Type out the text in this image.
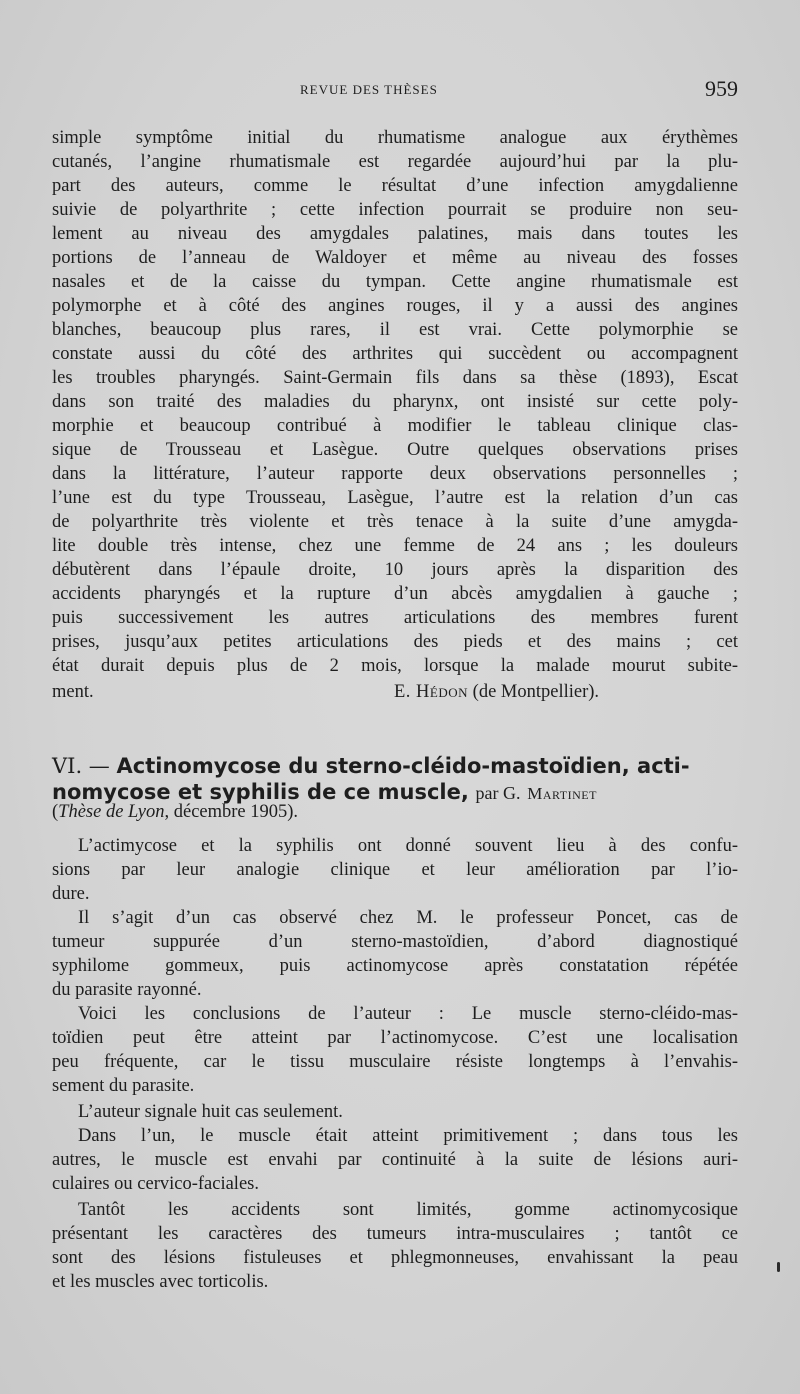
REVUE DES THÈSES	959
simple symptôme initial du rhumatisme analogue aux érythèmes
cutanés, l’angine rhumatismale est regardée aujourd’hui par la plu-
part des auteurs, comme le résultat d’une infection amygdalienne
suivie de polyarthrite ; cette infection pourrait se produire non seu-
lement au niveau des amygdales palatines, mais dans toutes les
portions de l’anneau de Waldoyer et même au niveau des fosses
nasales et de la caisse du tympan. Cette angine rhumatismale est
polymorphe et à côté des angines rouges, il y a aussi des angines
blanches, beaucoup plus rares, il est vrai. Cette polymorphie se
constate aussi du côté des arthrites qui succèdent ou accompagnent
les troubles pharyngés. Saint-Germain fils dans sa thèse (1893), Escat
dans son traité des maladies du pharynx, ont insisté sur cette poly-
morphie et beaucoup contribué à modifier le tableau clinique clas-
sique de Trousseau et Lasègue. Outre quelques observations prises
dans la littérature, l’auteur rapporte deux observations personnelles ;
l’une est du type Trousseau, Lasègue, l’autre est la relation d’un cas
de polyarthrite très violente et très tenace à la suite d’une amygda-
lite double très intense, chez une femme de 24 ans ; les douleurs
débutèrent dans l’épaule droite, 10 jours après la disparition des
accidents pharyngés et la rupture d’un abcès amygdalien à gauche ;
puis successivement les autres articulations des membres furent
prises, jusqu’aux petites articulations des pieds et des mains ; cet
état durait depuis plus de 2 mois, lorsque la malade mourut subite-
ment.	E. Hédon (de Montpellier).
VI. — Actinomycose du sterno-cléido-mastoïdien, acti-
nomycose et syphilis de ce muscle, par G. Martinet
(Thèse de Lyon, décembre 1905).
L’actimycose et la syphilis ont donné souvent lieu à des confu-
sions par leur analogie clinique et leur amélioration par l’io-
dure.
Il s’agit d’un cas observé chez M. le professeur Poncet, cas de
tumeur suppurée d’un sterno-mastoïdien, d’abord diagnostiqué
syphilome gommeux, puis actinomycose après constatation répétée
du parasite rayonné.
Voici les conclusions de l’auteur : Le muscle sterno-cléido-mas-
toïdien peut être atteint par l’actinomycose. C’est une localisation
peu fréquente, car le tissu musculaire résiste longtemps à l’envahis-
sement du parasite.
L’auteur signale huit cas seulement.
Dans l’un, le muscle était atteint primitivement ; dans tous les
autres, le muscle est envahi par continuité à la suite de lésions auri-
culaires ou cervico-faciales.
Tantôt les accidents sont limités, gomme actinomycosique
présentant les caractères des tumeurs intra-musculaires ; tantôt ce
sont des lésions fistuleuses et phlegmonneuses, envahissant la peau
et les muscles avec torticolis.
